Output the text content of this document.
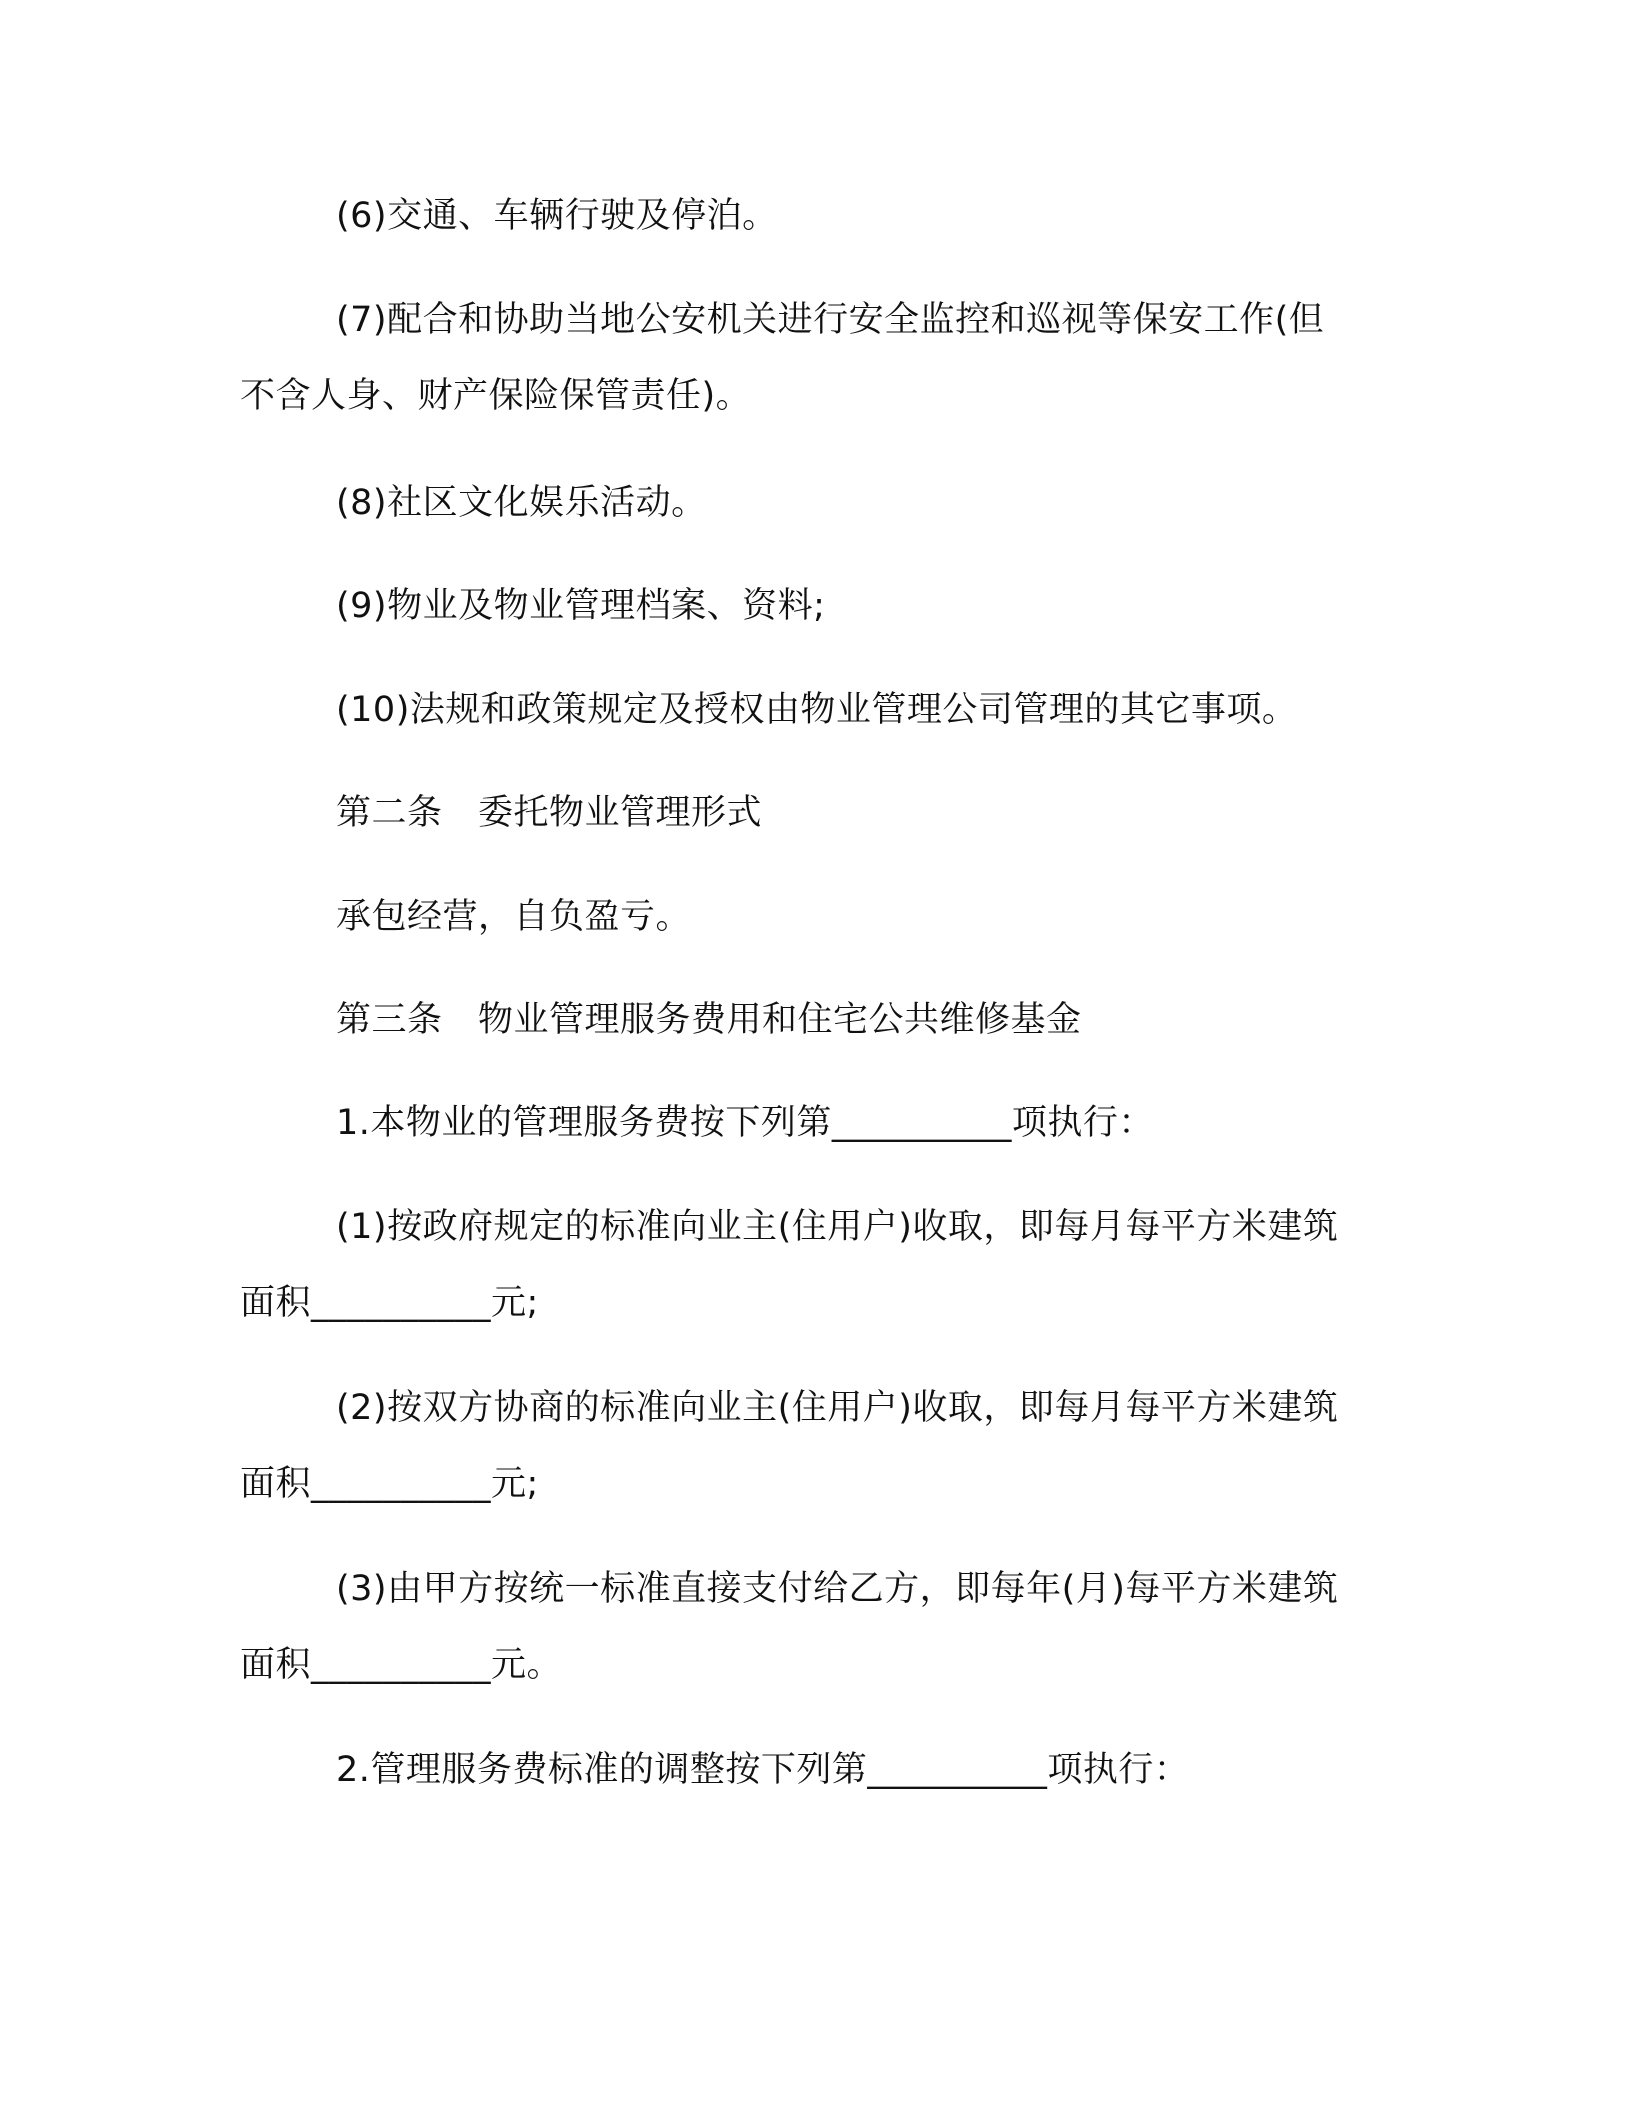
(6)交通、车辆行驶及停泊。

(7)配合和协助当地公安机关进行安全监控和巡视等保安工作(但

不含人身、财产保险保管责任)。

(8)社区文化娱乐活动。

(9)物业及物业管理档案、资料;

(10)法规和政策规定及授权由物业管理公司管理的其它事项。

第二条　委托物业管理形式

承包经营，自负盈亏。

第三条　物业管理服务费用和住宅公共维修基金

1.本物业的管理服务费按下列第__________项执行：

(1)按政府规定的标准向业主(住用户)收取，即每月每平方米建筑

面积__________元;

(2)按双方协商的标准向业主(住用户)收取，即每月每平方米建筑

面积__________元;

(3)由甲方按统一标准直接支付给乙方，即每年(月)每平方米建筑

面积__________元。

2.管理服务费标准的调整按下列第__________项执行：
